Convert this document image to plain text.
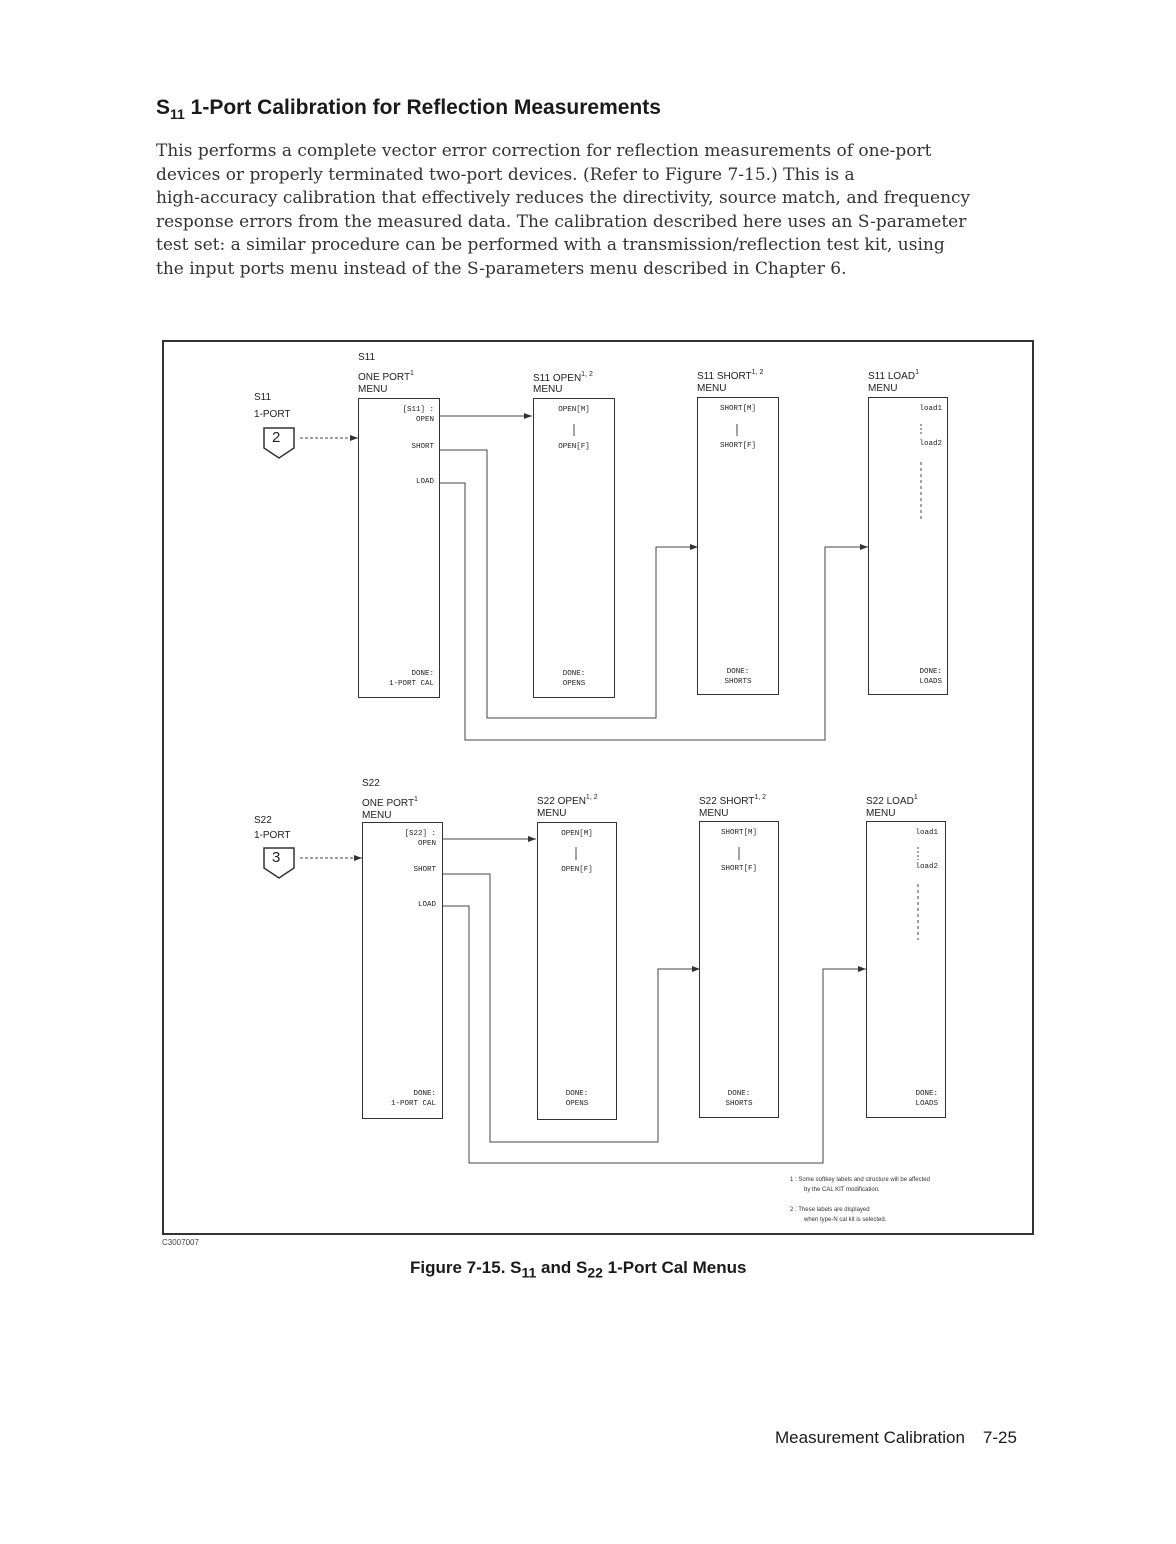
$S_{11}$ 1-Port Calibration for Reflection Measurements

This performs a complete vector error correction for reflection measurements of one-port

devices or properly terminated two-port devices. (Refer to Figure 7-15.) This is a

high-accuracy calibration that effectively reduces the directivity, source match, and frequency

response errors from the measured data. The calibration described here uses an S-parameter

test set: a similar procedure can be performed with a transmission/reflection test kit, using

the input ports menu instead of the S-parameters menu described in Chapter 6.

S11
1-PORT
2
S11
ONE PORT$^1$
MENU
[S11] :
OPEN
SHORT
LOAD
DONE:
1-PORT CAL
S11 OPEN$^{1, 2}$
MENU
OPEN[M]
OPEN[F]
DONE:
OPENS
S11 SHORT$^{1, 2}$
MENU
SHORT[M]
SHORT[F]
DONE:
SHORTS
S11 LOAD$^1$
MENU
load1
load2
DONE:
LOADS
S22
1-PORT
3
S22
ONE PORT$^1$
MENU
[S22] :
OPEN
SHORT
LOAD
DONE:
1-PORT CAL
S22 OPEN$^{1, 2}$
MENU
OPEN[M]
OPEN[F]
DONE:
OPENS
S22 SHORT$^{1, 2}$
MENU
SHORT[M]
SHORT[F]
DONE:
SHORTS
S22 LOAD$^1$
MENU
load1
load2
DONE:
LOADS
1 : Some softkey labels and structure will be affected
by the CAL KIT modification.
2 : These labels are displayed
when type-N cal kit is selected.
C3007007
Figure 7-15. $S_{11}$ and $S_{22}$ 1-Port Cal Menus
Measurement Calibration 7-25
